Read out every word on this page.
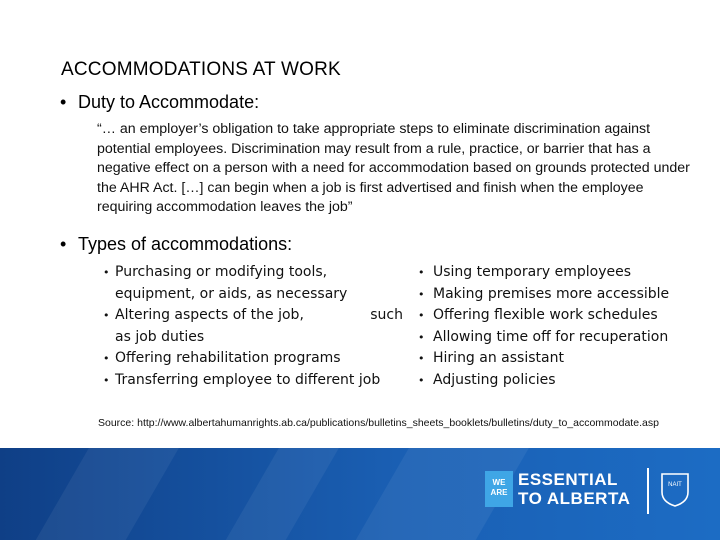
ACCOMMODATIONS AT WORK
• Duty to Accommodate:
“… an employer’s obligation to take appropriate steps to eliminate discrimination against potential employees. Discrimination may result from a rule, practice, or barrier that has a negative effect on a person with a need for accommodation based on grounds protected under the AHR Act. […] can begin when a job is first advertised and finish when the employee requiring accommodation leaves the job”
• Types of accommodations:
• Purchasing or modifying tools, equipment, or aids, as necessary
• Altering aspects of the job,	such
as job duties
• Offering rehabilitation programs
• Transferring employee to different job
• Using temporary employees
• Making premises more accessible
• Offering flexible work schedules
• Allowing time off for recuperation
• Hiring an assistant
• Adjusting policies
Source: http://www.albertahumanrights.ab.ca/publications/bulletins_sheets_booklets/bulletins/duty_to_accommodate.asp
WE
ARE
ESSENTIAL
TO ALBERTA
NAIT
